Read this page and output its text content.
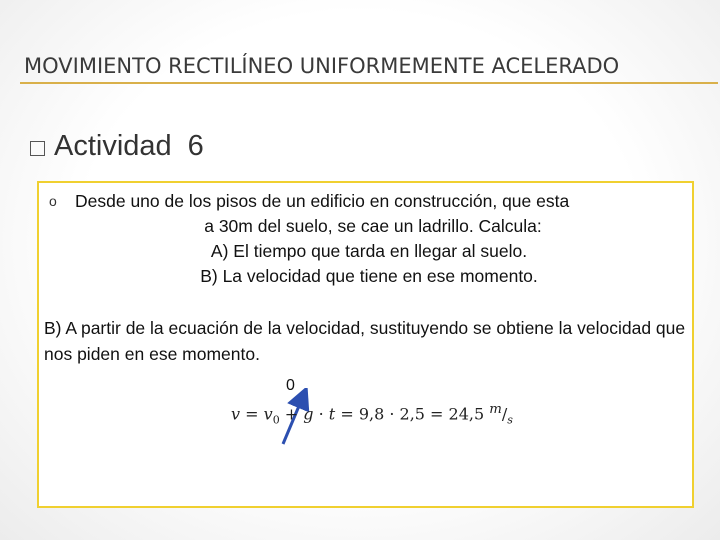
MOVIMIENTO RECTILÍNEO UNIFORMEMENTE ACELERADO
Actividad 6
o	Desde uno de los pisos de un edificio en construcción, que esta
a 30m del suelo, se cae un ladrillo. Calcula:
A) El tiempo que tarda en llegar al suelo.
B) La velocidad que tiene en ese momento.
B) A partir de la ecuación de la velocidad, sustituyendo se obtiene la velocidad que nos piden en ese momento.
0
$v = v_0 + g \cdot t = 9,8 \cdot 2,5 = 24,5$ $^m/_s$
